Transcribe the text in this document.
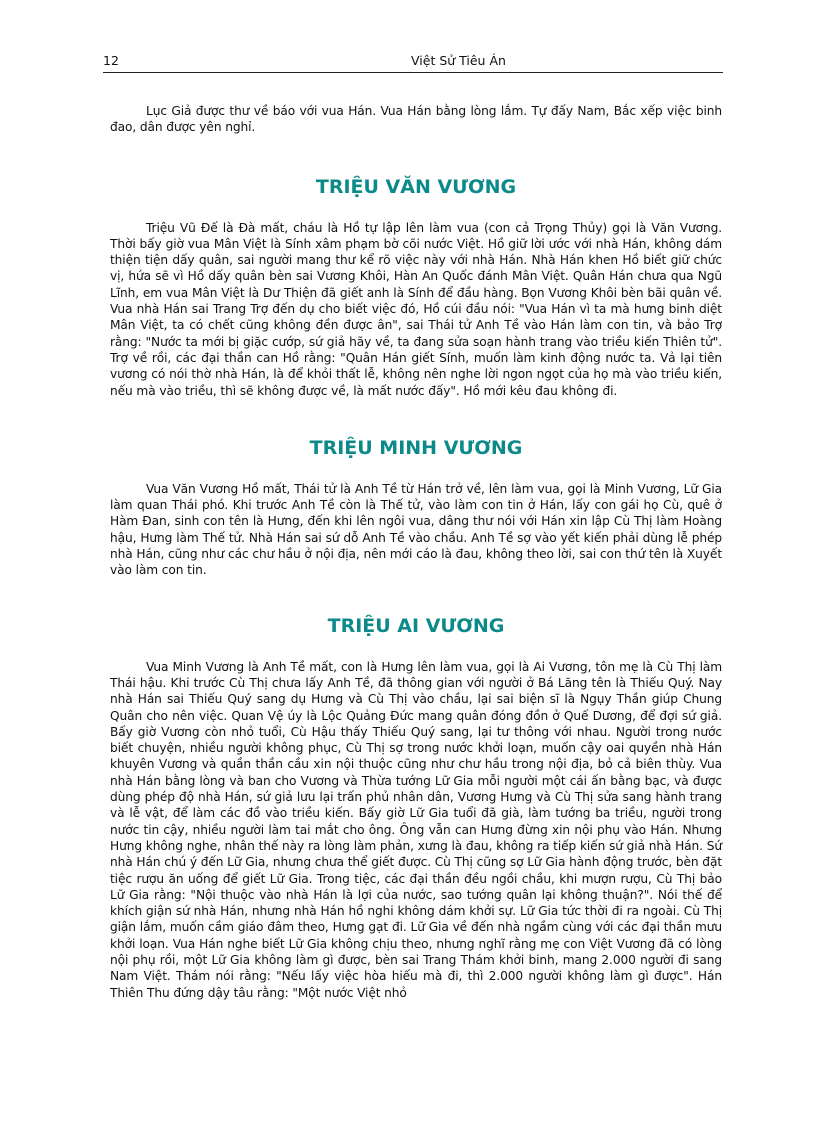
12	Việt Sử Tiêu Án

Lục Giả được thư về báo với vua Hán. Vua Hán bằng lòng lắm. Tự đấy Nam, Bắc xếp việc binh đao, dân được yên nghỉ.

TRIỆU VĂN VƯƠNG

Triệu Vũ Đế là Đà mất, cháu là Hồ tự lập lên làm vua (con cả Trọng Thủy) gọi là Văn Vương. Thời bấy giờ vua Mân Việt là Sính xâm phạm bờ cõi nước Việt. Hồ giữ lời ước với nhà Hán, không dám thiện tiện dấy quân, sai người mang thư kể rõ việc này với nhà Hán. Nhà Hán khen Hồ biết giữ chức vị, hứa sẽ vì Hồ dấy quân bèn sai Vương Khôi, Hàn An Quốc đánh Mân Việt. Quân Hán chưa qua Ngũ Lĩnh, em vua Mân Việt là Dư Thiện đã giết anh là Sính để đầu hàng. Bọn Vương Khôi bèn bãi quân về. Vua nhà Hán sai Trang Trợ đến dụ cho biết việc đó, Hồ cúi đầu nói: "Vua Hán vì ta mà hưng binh diệt Mân Việt, ta có chết cũng không đền được ân", sai Thái tử Anh Tề vào Hán làm con tin, và bảo Trợ rằng: "Nước ta mới bị giặc cướp, sứ giả hãy về, ta đang sửa soạn hành trang vào triều kiến Thiên tử". Trợ về rồi, các đại thần can Hồ rằng: "Quân Hán giết Sính, muốn làm kinh động nước ta. Vả lại tiên vương có nói thờ nhà Hán, là để khỏi thất lễ, không nên nghe lời ngon ngọt của họ mà vào triều kiến, nếu mà vào triều, thì sẽ không được về, là mất nước đấy". Hồ mới kêu đau không đi.

TRIỆU MINH VƯƠNG

Vua Văn Vương Hồ mất, Thái tử là Anh Tề từ Hán trở về, lên làm vua, gọi là Minh Vương, Lữ Gia làm quan Thái phó. Khi trước Anh Tề còn là Thế tử, vào làm con tin ở Hán, lấy con gái họ Cù, quê ở Hàm Đan, sinh con tên là Hưng, đến khi lên ngôi vua, dâng thư nói với Hán xin lập Cù Thị làm Hoàng hậu, Hưng làm Thế tử. Nhà Hán sai sứ dỗ Anh Tề vào chầu. Anh Tề sợ vào yết kiến phải dùng lễ phép nhà Hán, cũng như các chư hầu ở nội địa, nên mới cáo là đau, không theo lời, sai con thứ tên là Xuyết vào làm con tin.

TRIỆU AI VƯƠNG

Vua Minh Vương là Anh Tề mất, con là Hưng lên làm vua, gọi là Ai Vương, tôn mẹ là Cù Thị làm Thái hậu. Khi trước Cù Thị chưa lấy Anh Tề, đã thông gian với người ở Bá Lăng tên là Thiếu Quý. Nay nhà Hán sai Thiếu Quý sang dụ Hưng và Cù Thị vào chầu, lại sai biện sĩ là Ngụy Thần giúp Chung Quân cho nên việc. Quan Vệ úy là Lộc Quảng Đức mang quân đóng đồn ở Quế Dương, để đợi sứ giả. Bấy giờ Vương còn nhỏ tuổi, Cù Hậu thấy Thiếu Quý sang, lại tư thông với nhau. Người trong nước biết chuyện, nhiều người không phục, Cù Thị sợ trong nước khởi loạn, muốn cậy oai quyền nhà Hán khuyên Vương và quần thần cầu xin nội thuộc cũng như chư hầu trong nội địa, bỏ cả biên thùy. Vua nhà Hán bằng lòng và ban cho Vương và Thừa tướng Lữ Gia mỗi người một cái ấn bằng bạc, và được dùng phép độ nhà Hán, sứ giả lưu lại trấn phủ nhân dân, Vương Hưng và Cù Thị sửa sang hành trang và lễ vật, để làm các đồ vào triều kiến. Bấy giờ Lữ Gia tuổi đã già, làm tướng ba triều, người trong nước tin cậy, nhiều người làm tai mắt cho ông. Ông vẫn can Hưng đừng xin nội phụ vào Hán. Nhưng Hưng không nghe, nhân thế này ra lòng làm phản, xưng là đau, không ra tiếp kiến sứ giả nhà Hán. Sứ nhà Hán chú ý đến Lữ Gia, nhưng chưa thể giết được. Cù Thị cũng sợ Lữ Gia hành động trước, bèn đặt tiệc rượu ăn uống để giết Lữ Gia. Trong tiệc, các đại thần đều ngồi chầu, khi mượn rượu, Cù Thị bảo Lữ Gia rằng: "Nội thuộc vào nhà Hán là lợi của nước, sao tướng quân lại không thuận?". Nói thế để khích giận sứ nhà Hán, nhưng nhà Hán hồ nghi không dám khởi sự. Lữ Gia tức thời đi ra ngoài. Cù Thị giận lắm, muốn cầm giáo đâm theo, Hưng gạt đi. Lữ Gia về đến nhà ngầm cùng với các đại thần mưu khởi loạn. Vua Hán nghe biết Lữ Gia không chịu theo, nhưng nghĩ rằng mẹ con Việt Vương đã có lòng nội phụ rồi, một Lữ Gia không làm gì được, bèn sai Trang Thám khởi binh, mang 2.000 người đi sang Nam Việt. Thám nói rằng: "Nếu lấy việc hòa hiếu mà đi, thì 2.000 người không làm gì được". Hán Thiên Thu đứng dậy tâu rằng: "Một nước Việt nhỏ
